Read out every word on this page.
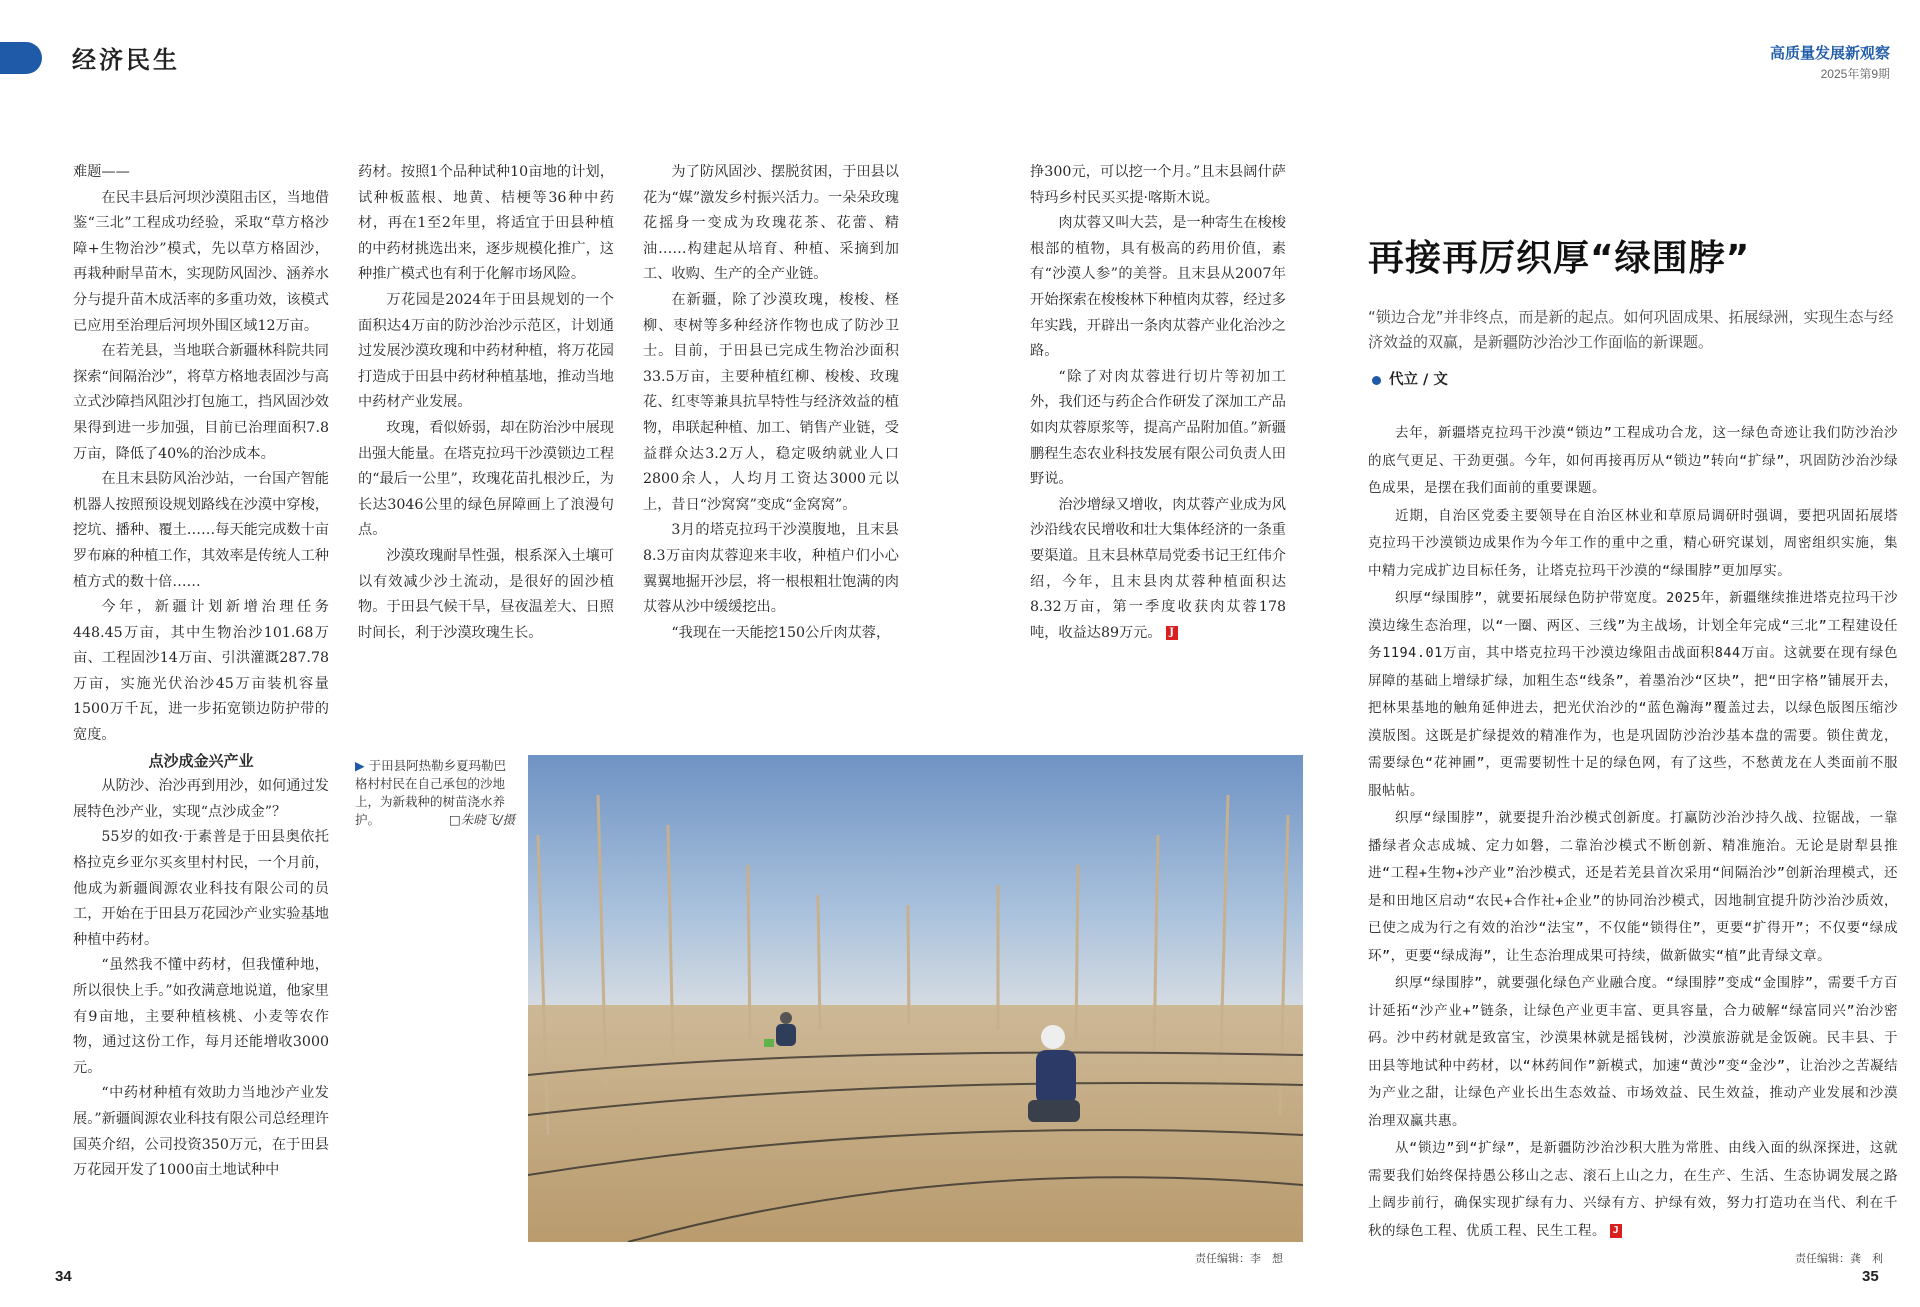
经济民生	高质量发展新观察
2025年第9期

难题——

在民丰县后河坝沙漠阻击区，当地借鉴“三北”工程成功经验，采取“草方格沙障+生物治沙”模式，先以草方格固沙，再栽种耐旱苗木，实现防风固沙、涵养水分与提升苗木成活率的多重功效，该模式已应用至治理后河坝外围区域12万亩。

在若羌县，当地联合新疆林科院共同探索“间隔治沙”，将草方格地表固沙与高立式沙障挡风阻沙打包施工，挡风固沙效果得到进一步加强，目前已治理面积7.8万亩，降低了40%的治沙成本。

在且末县防风治沙站，一台国产智能机器人按照预设规划路线在沙漠中穿梭，挖坑、播种、覆土……每天能完成数十亩罗布麻的种植工作，其效率是传统人工种植方式的数十倍……

今年，新疆计划新增治理任务448.45万亩，其中生物治沙101.68万亩、工程固沙14万亩、引洪灌溉287.78万亩，实施光伏治沙45万亩装机容量1500万千瓦，进一步拓宽锁边防护带的宽度。

点沙成金兴产业

从防沙、治沙再到用沙，如何通过发展特色沙产业，实现“点沙成金”？

55岁的如孜·于素普是于田县奥依托格拉克乡亚尔买亥里村村民，一个月前，他成为新疆阆源农业科技有限公司的员工，开始在于田县万花园沙产业实验基地种植中药材。

“虽然我不懂中药材，但我懂种地，所以很快上手。”如孜满意地说道，他家里有9亩地，主要种植核桃、小麦等农作物，通过这份工作，每月还能增收3000元。

“中药材种植有效助力当地沙产业发展。”新疆阆源农业科技有限公司总经理许国英介绍，公司投资350万元，在于田县万花园开发了1000亩土地试种中

药材。按照1个品种试种10亩地的计划，试种板蓝根、地黄、桔梗等36种中药材，再在1至2年里，将适宜于田县种植的中药材挑选出来，逐步规模化推广，这种推广模式也有利于化解市场风险。

万花园是2024年于田县规划的一个面积达4万亩的防沙治沙示范区，计划通过发展沙漠玫瑰和中药材种植，将万花园打造成于田县中药材种植基地，推动当地中药材产业发展。

玫瑰，看似娇弱，却在防治沙中展现出强大能量。在塔克拉玛干沙漠锁边工程的“最后一公里”，玫瑰花苗扎根沙丘，为长达3046公里的绿色屏障画上了浪漫句点。

沙漠玫瑰耐旱性强，根系深入土壤可以有效减少沙土流动，是很好的固沙植物。于田县气候干旱，昼夜温差大、日照时间长，利于沙漠玫瑰生长。

为了防风固沙、摆脱贫困，于田县以花为“媒”激发乡村振兴活力。一朵朵玫瑰花摇身一变成为玫瑰花茶、花蕾、精油……构建起从培育、种植、采摘到加工、收购、生产的全产业链。

在新疆，除了沙漠玫瑰，梭梭、柽柳、枣树等多种经济作物也成了防沙卫士。目前，于田县已完成生物治沙面积33.5万亩，主要种植红柳、梭梭、玫瑰花、红枣等兼具抗旱特性与经济效益的植物，串联起种植、加工、销售产业链，受益群众达3.2万人，稳定吸纳就业人口2800余人，人均月工资达3000元以上，昔日“沙窝窝”变成“金窝窝”。

3月的塔克拉玛干沙漠腹地，且末县8.3万亩肉苁蓉迎来丰收，种植户们小心翼翼地掘开沙层，将一根根粗壮饱满的肉苁蓉从沙中缓缓挖出。

“我现在一天能挖150公斤肉苁蓉，

挣300元，可以挖一个月。”且末县阔什萨特玛乡村民买买提·喀斯木说。

肉苁蓉又叫大芸，是一种寄生在梭梭根部的植物，具有极高的药用价值，素有“沙漠人参”的美誉。且末县从2007年开始探索在梭梭林下种植肉苁蓉，经过多年实践，开辟出一条肉苁蓉产业化治沙之路。

“除了对肉苁蓉进行切片等初加工外，我们还与药企合作研发了深加工产品如肉苁蓉原浆等，提高产品附加值。”新疆鹏程生态农业科技发展有限公司负责人田野说。

治沙增绿又增收，肉苁蓉产业成为风沙沿线农民增收和壮大集体经济的一条重要渠道。且末县林草局党委书记王红伟介绍，今年，且末县肉苁蓉种植面积达8.32万亩，第一季度收获肉苁蓉178吨，收益达89万元。 J

▶ 于田县阿热勒乡夏玛勒巴格村村民在自己承包的沙地上，为新栽种的树苗浇水养护。	□朱晓飞/摄
再接再厉织厚“绿围脖”
“锁边合龙”并非终点，而是新的起点。如何巩固成果、拓展绿洲，实现生态与经济效益的双赢，是新疆防沙治沙工作面临的新课题。
代立 / 文

去年，新疆塔克拉玛干沙漠“锁边”工程成功合龙，这一绿色奇迹让我们防沙治沙的底气更足、干劲更强。今年，如何再接再厉从“锁边”转向“扩绿”，巩固防沙治沙绿色成果，是摆在我们面前的重要课题。

近期，自治区党委主要领导在自治区林业和草原局调研时强调，要把巩固拓展塔克拉玛干沙漠锁边成果作为今年工作的重中之重，精心研究谋划，周密组织实施，集中精力完成扩边目标任务，让塔克拉玛干沙漠的“绿围脖”更加厚实。

织厚“绿围脖”，就要拓展绿色防护带宽度。2025年，新疆继续推进塔克拉玛干沙漠边缘生态治理，以“一圈、两区、三线”为主战场，计划全年完成“三北”工程建设任务1194.01万亩，其中塔克拉玛干沙漠边缘阻击战面积844万亩。这就要在现有绿色屏障的基础上增绿扩绿，加粗生态“线条”，着墨治沙“区块”，把“田字格”铺展开去，把林果基地的触角延伸进去，把光伏治沙的“蓝色瀚海”覆盖过去，以绿色版图压缩沙漠版图。这既是扩绿提效的精准作为，也是巩固防沙治沙基本盘的需要。锁住黄龙，需要绿色“花神圃”，更需要韧性十足的绿色网，有了这些，不愁黄龙在人类面前不服服帖帖。

织厚“绿围脖”，就要提升治沙模式创新度。打赢防沙治沙持久战、拉锯战，一靠播绿者众志成城、定力如磐，二靠治沙模式不断创新、精准施治。无论是尉犁县推进“工程+生物+沙产业”治沙模式，还是若羌县首次采用“间隔治沙”创新治理模式，还是和田地区启动“农民+合作社+企业”的协同治沙模式，因地制宜提升防沙治沙质效，已使之成为行之有效的治沙“法宝”，不仅能“锁得住”，更要“扩得开”；不仅要“绿成环”，更要“绿成海”，让生态治理成果可持续，做新做实“植”此青绿文章。

织厚“绿围脖”，就要强化绿色产业融合度。“绿围脖”变成“金围脖”，需要千方百计延拓“沙产业+”链条，让绿色产业更丰富、更具容量，合力破解“绿富同兴”治沙密码。沙中药材就是致富宝，沙漠果林就是摇钱树，沙漠旅游就是金饭碗。民丰县、于田县等地试种中药材，以“林药间作”新模式，加速“黄沙”变“金沙”，让治沙之苦凝结为产业之甜，让绿色产业长出生态效益、市场效益、民生效益，推动产业发展和沙漠治理双赢共惠。

从“锁边”到“扩绿”，是新疆防沙治沙积大胜为常胜、由线入面的纵深探进，这就需要我们始终保持愚公移山之志、滚石上山之力，在生产、生活、生态协调发展之路上阔步前行，确保实现扩绿有力、兴绿有方、护绿有效，努力打造功在当代、利在千秋的绿色工程、优质工程、民生工程。 J

责任编辑：李　想	责任编辑：龚　利
34	35
